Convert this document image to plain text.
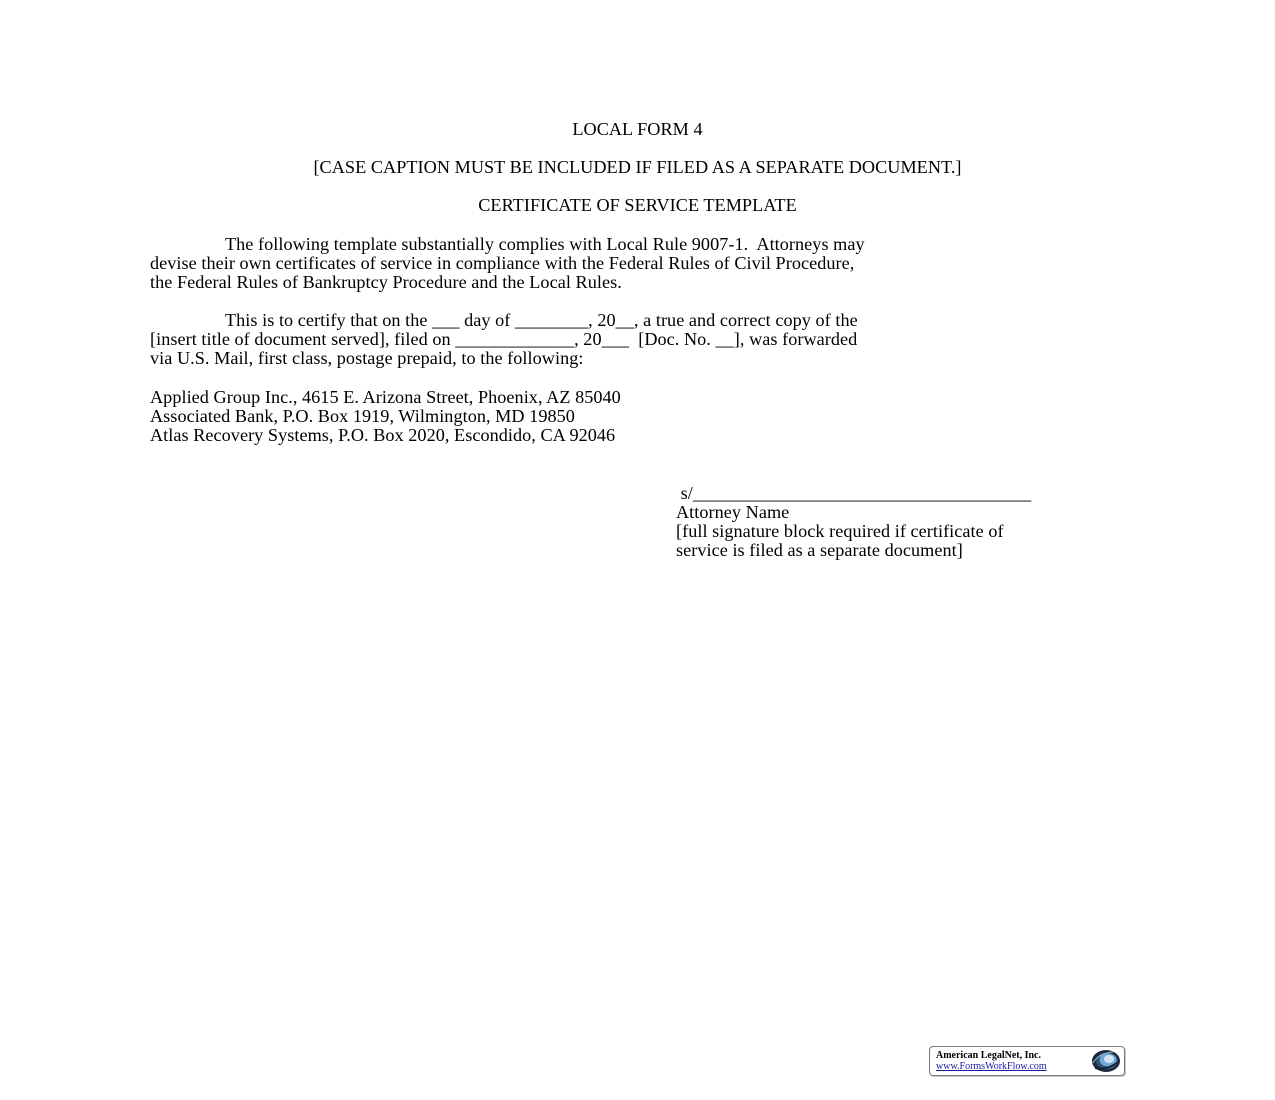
LOCAL FORM 4
[CASE CAPTION MUST BE INCLUDED IF FILED AS A SEPARATE DOCUMENT.]
CERTIFICATE OF SERVICE TEMPLATE
The following template substantially complies with Local Rule 9007-1.  Attorneys may
devise their own certificates of service in compliance with the Federal Rules of Civil Procedure,
the Federal Rules of Bankruptcy Procedure and the Local Rules.
This is to certify that on the ___ day of ________, 20__, a true and correct copy of the
[insert title of document served], filed on _____________, 20___  [Doc. No. __], was forwarded
via U.S. Mail, first class, postage prepaid, to the following:
Applied Group Inc., 4615 E. Arizona Street, Phoenix, AZ 85040
Associated Bank, P.O. Box 1919, Wilmington, MD 19850
Atlas Recovery Systems, P.O. Box 2020, Escondido, CA 92046
s/_____________________________________
Attorney Name
[full signature block required if certificate of
service is filed as a separate document]
American LegalNet, Inc.
www.FormsWorkFlow.com
